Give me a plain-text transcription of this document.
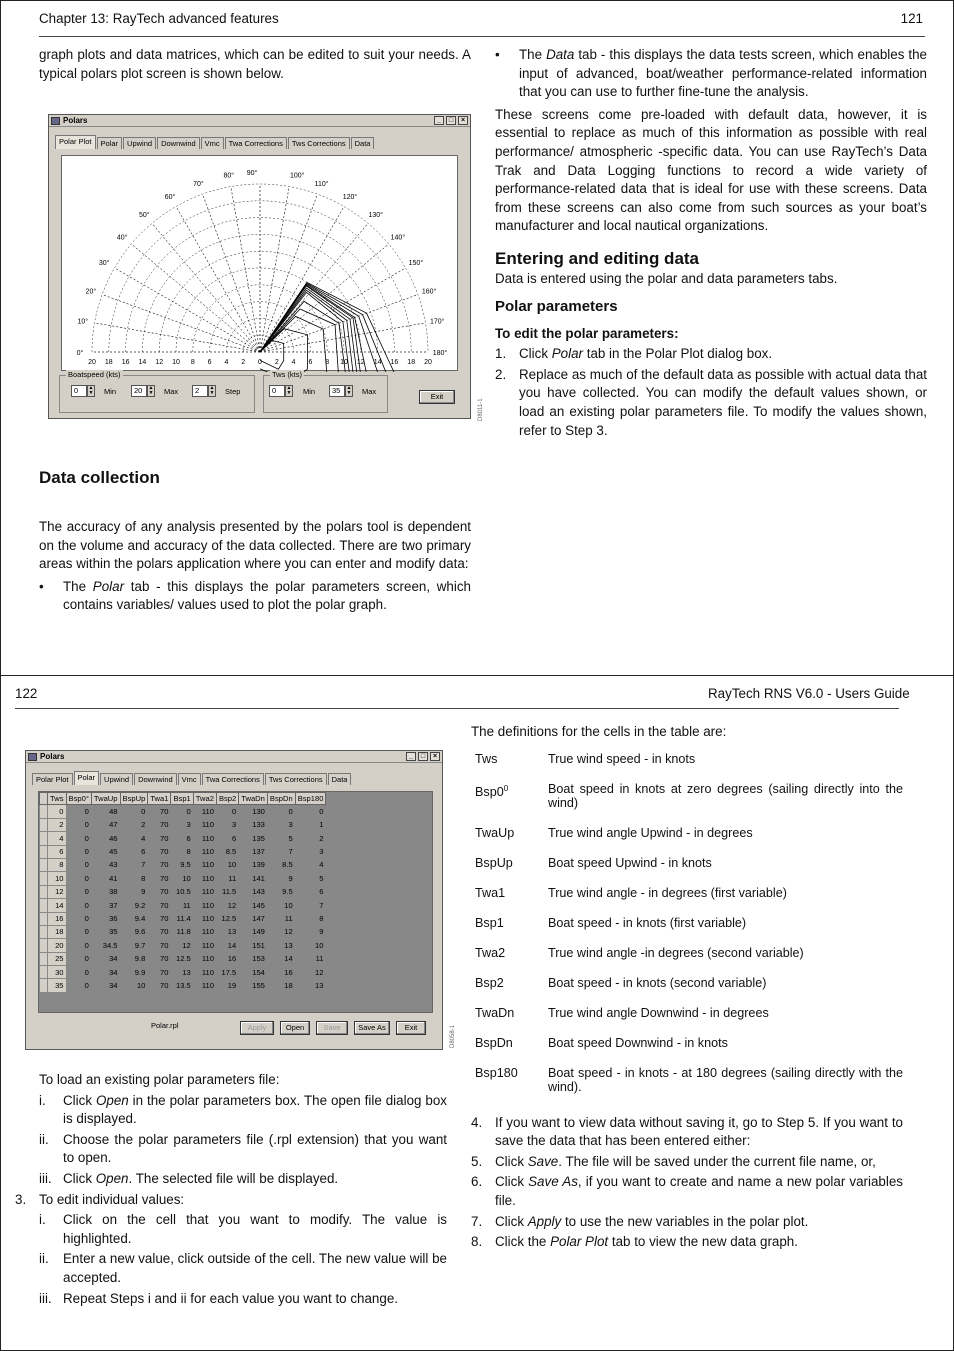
Chapter 13: RayTech advanced features	121

graph plots and data matrices, which can be edited to suit your needs. A typical polars plot screen is shown below.

Polars	_	□	×
Polar Plot	Polar	Upwind	Downwind	Vmc	Twa Corrections	Tws Corrections	Data
0°
10°
20°
30°
40°
50°
60°
70°
80° 90°	100°
110°
120°
130°
140°
150°
160°
170°
180°
20 18 16 14 12 10 8 6 4 2 0 2 4 6 8 10 12 14 16 18 20
Boatspeed (kts)
0	▲
▼ Min	20	▲
▼ Max	2	▲
▼ Step
Tws (kts)
0	▲
▼ Min	35	▲
▼ Max
Exit
D8011-1
Data collection

The accuracy of any analysis presented by the polars tool is dependent on the volume and accuracy of the data collected. There are two primary areas within the polars application where you can enter and modify data:

• The Polar tab - this displays the polar parameters screen, which contains variables/ values used to plot the polar graph.
• The Data tab - this displays the data tests screen, which enables the input of advanced, boat/weather performance-related information that you can use to further fine-tune the analysis.

These screens come pre-loaded with default data, however, it is essential to replace as much of this information as possible with real performance/ atmospheric -specific data. You can use RayTech’s Data Trak and Data Logging functions to record a wide variety of performance-related data that is ideal for use with these screens. Data from these screens can also come from such sources as your boat’s manufacturer and local nautical organizations.

Entering and editing data

Data is entered using the polar and data parameters tabs.

Polar parameters
To edit the polar parameters:
1. Click Polar tab in the Polar Plot dialog box.
2. Replace as much of the default data as possible with actual data that you have collected. You can modify the default values shown, or load an existing polar parameters file. To modify the values shown, refer to Step 3.
122	RayTech RNS V6.0 - Users Guide
Polars	_	□	×
Polar Plot	Polar	Upwind	Downwind	Vmc	Twa Corrections	Tws Corrections	Data
	Tws	Bsp0°	TwaUp	BspUp	Twa1	Bsp1	Twa2	Bsp2	TwaDn	BspDn	Bsp180
	0	0	48	0	70	0	110	0	130	0	0
	2	0	47	2	70	3	110	3	133	3	1
	4	0	46	4	70	6	110	6	135	5	2
	6	0	45	6	70	8	110	8.5	137	7	3
	8	0	43	7	70	9.5	110	10	139	8.5	4
	10	0	41	8	70	10	110	11	141	9	5
	12	0	38	9	70	10.5	110	11.5	143	9.5	6
	14	0	37	9.2	70	11	110	12	145	10	7
	16	0	36	9.4	70	11.4	110	12.5	147	11	8
	18	0	35	9.6	70	11.8	110	13	149	12	9
	20	0	34.5	9.7	70	12	110	14	151	13	10
	25	0	34	9.8	70	12.5	110	16	153	14	11
	30	0	34	9.9	70	13	110	17.5	154	16	12
	35	0	34	10	70	13.5	110	19	155	18	13
Polar.rpl	Apply	Open	Save	Save As	Exit	D8058-1

To load an existing polar parameters file:

i. Click Open in the polar parameters box. The open file dialog box is displayed.
ii. Choose the polar parameters file (.rpl extension) that you want to open.
iii. Click Open. The selected file will be displayed.
3. To edit individual values:
i. Click on the cell that you want to modify. The value is highlighted.
ii. Enter a new value, click outside of the cell. The new value will be accepted.
iii. Repeat Steps i and ii for each value you want to change.

The definitions for the cells in the table are:

Tws	True wind speed - in knots
$Bsp0^0$	Boat speed in knots at zero degrees (sailing directly into the wind)
TwaUp	True wind angle Upwind - in degrees
BspUp	Boat speed Upwind - in knots
Twa1	True wind angle - in degrees (first variable)
Bsp1	Boat speed - in knots (first variable)
Twa2	True wind angle -in degrees (second variable)
Bsp2	Boat speed - in knots (second variable)
TwaDn	True wind angle Downwind - in degrees
BspDn	Boat speed Downwind - in knots
Bsp180	Boat speed - in knots - at 180 degrees (sailing directly with the wind).
4. If you want to view data without saving it, go to Step 5. If you want to save the data that has been entered either:
5. Click Save. The file will be saved under the current file name, or,
6. Click Save As, if you want to create and name a new polar variables file.
7. Click Apply to use the new variables in the polar plot.
8. Click the Polar Plot tab to view the new data graph.
